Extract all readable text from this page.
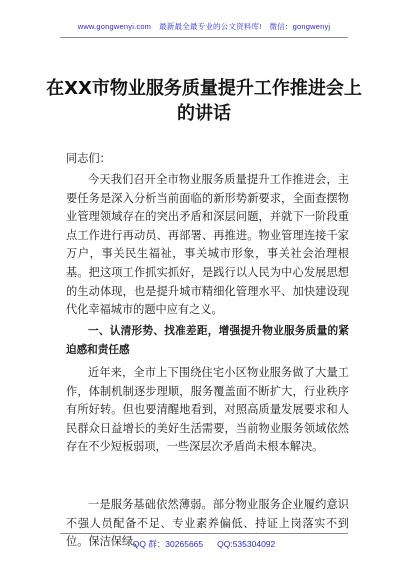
www.gongwenyi.com 最新最全最专业的公文资料库! 微信：gongwenyj
在XX市物业服务质量提升工作推进会上的讲话
同志们：
今天我们召开全市物业服务质量提升工作推进会，主要任务是深入分析当前面临的新形势新要求，全面查摆物业管理领域存在的突出矛盾和深层问题，并就下一阶段重点工作进行再动员、再部署、再推进。物业管理连接千家万户，事关民生福祉，事关城市形象，事关社会治理根基。把这项工作抓实抓好，是践行以人民为中心发展思想的生动体现，也是提升城市精细化管理水平、加快建设现代化幸福城市的题中应有之义。
一、认清形势、找准差距，增强提升物业服务质量的紧迫感和责任感
近年来，全市上下围绕住宅小区物业服务做了大量工作，体制机制逐步理顺，服务覆盖面不断扩大，行业秩序有所好转。但也要清醒地看到，对照高质量发展要求和人民群众日益增长的美好生活需要，当前物业服务领域依然存在不少短板弱项，一些深层次矛盾尚未根本解决。
一是服务基础依然薄弱。部分物业服务企业履约意识不强人员配备不足、专业素养偏低、持证上岗落实不到位。保洁保绿、
QQ 群：30265665 QQ:535304092
